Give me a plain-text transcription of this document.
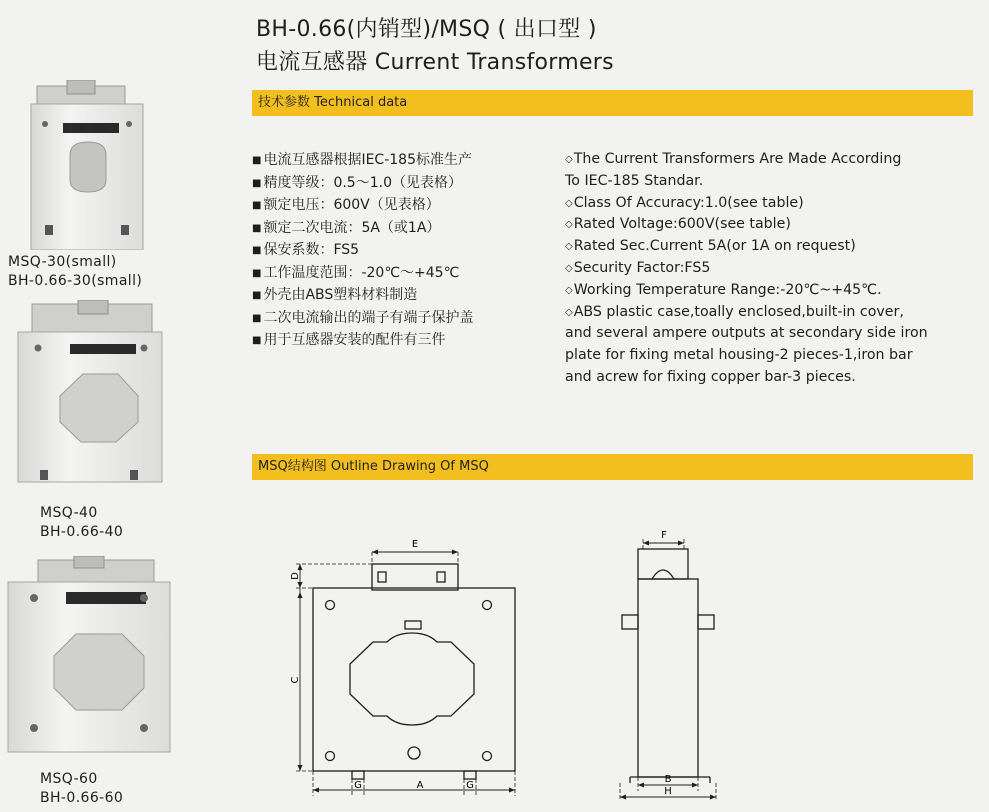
BH-0.66(内销型)/MSQ ( 出口型 )
电流互感器 Current Transformers
技术参数 Technical data
MSQ结构图 Outline Drawing Of MSQ
■ 电流互感器根据IEC-185标准生产
■ 精度等级：0.5～1.0（见表格）
■ 额定电压：600V（见表格）
■ 额定二次电流：5A（或1A）
■ 保安系数：FS5
■ 工作温度范围：-20℃～+45℃
■ 外壳由ABS塑料材料制造
■ 二次电流输出的端子有端子保护盖
■ 用于互感器安装的配件有三件
◇ The Current Transformers Are Made According
To IEC-185 Standar.
◇ Class Of Accuracy:1.0(see table)
◇ Rated Voltage:600V(see table)
◇ Rated Sec.Current 5A(or 1A on request)
◇ Security Factor:FS5
◇ Working Temperature Range:-20℃~+45℃.
◇ ABS plastic case,toally enclosed,built-in cover,
and several ampere outputs at secondary side iron
plate for fixing metal housing-2 pieces-1,iron bar
and acrew for fixing copper bar-3 pieces.
MSQ-30(small)
BH-0.66-30(small)
MSQ-40
BH-0.66-40
MSQ-60
BH-0.66-60
E
D
C
G	A	G
F
B
H
